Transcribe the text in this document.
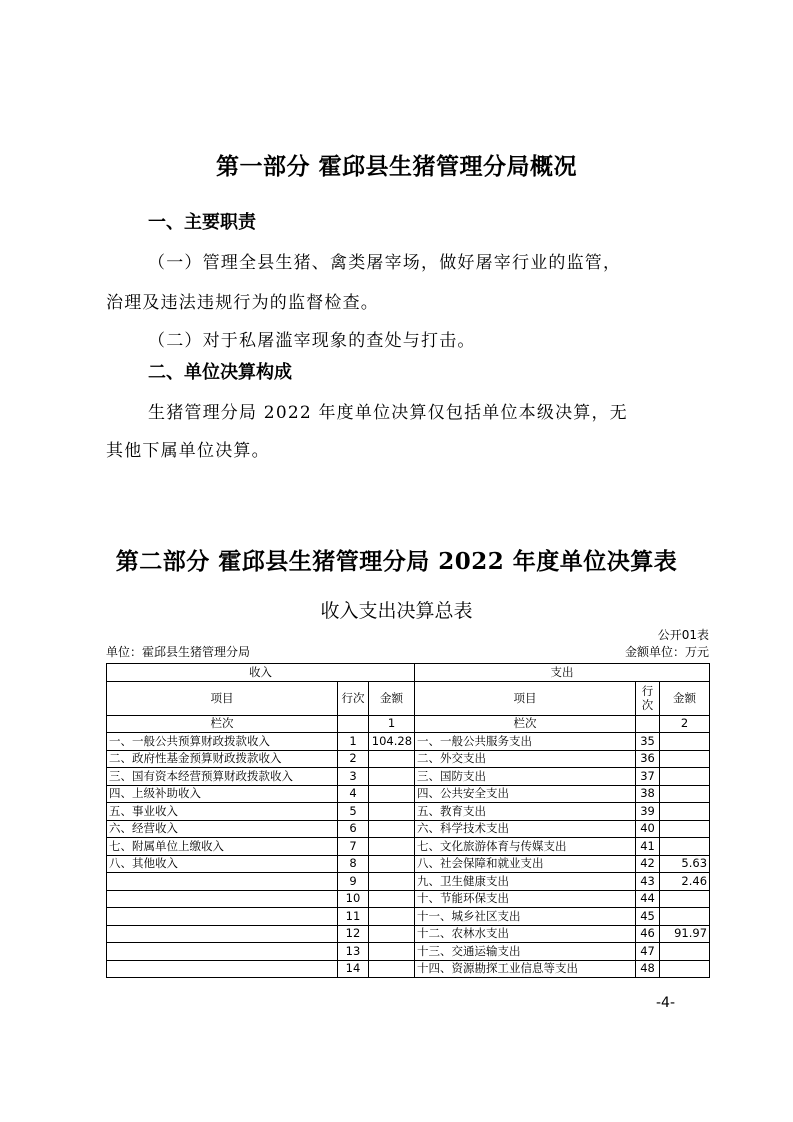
第一部分 霍邱县生猪管理分局概况
一、主要职责
（一）管理全县生猪、禽类屠宰场，做好屠宰行业的监管，
治理及违法违规行为的监督检查。
（二）对于私屠滥宰现象的查处与打击。
二、单位决算构成
生猪管理分局 2022 年度单位决算仅包括单位本级决算，无
其他下属单位决算。
第二部分 霍邱县生猪管理分局 2022 年度单位决算表
收入支出决算总表
公开01表
单位：霍邱县生猪管理分局	金额单位：万元
收入			支出		
项目	行次	金额	项目	行次	金额
栏次		1	栏次		2
一、一般公共预算财政拨款收入	1	104.28	一、一般公共服务支出	35	
二、政府性基金预算财政拨款收入	2		二、外交支出	36	
三、国有资本经营预算财政拨款收入	3		三、国防支出	37	
四、上级补助收入	4		四、公共安全支出	38	
五、事业收入	5		五、教育支出	39	
六、经营收入	6		六、科学技术支出	40	
七、附属单位上缴收入	7		七、文化旅游体育与传媒支出	41	
八、其他收入	8		八、社会保障和就业支出	42	5.63
	9		九、卫生健康支出	43	2.46
	10		十、节能环保支出	44	
	11		十一、城乡社区支出	45	
	12		十二、农林水支出	46	91.97
	13		十三、交通运输支出	47	
	14		十四、资源勘探工业信息等支出	48	
-4-
